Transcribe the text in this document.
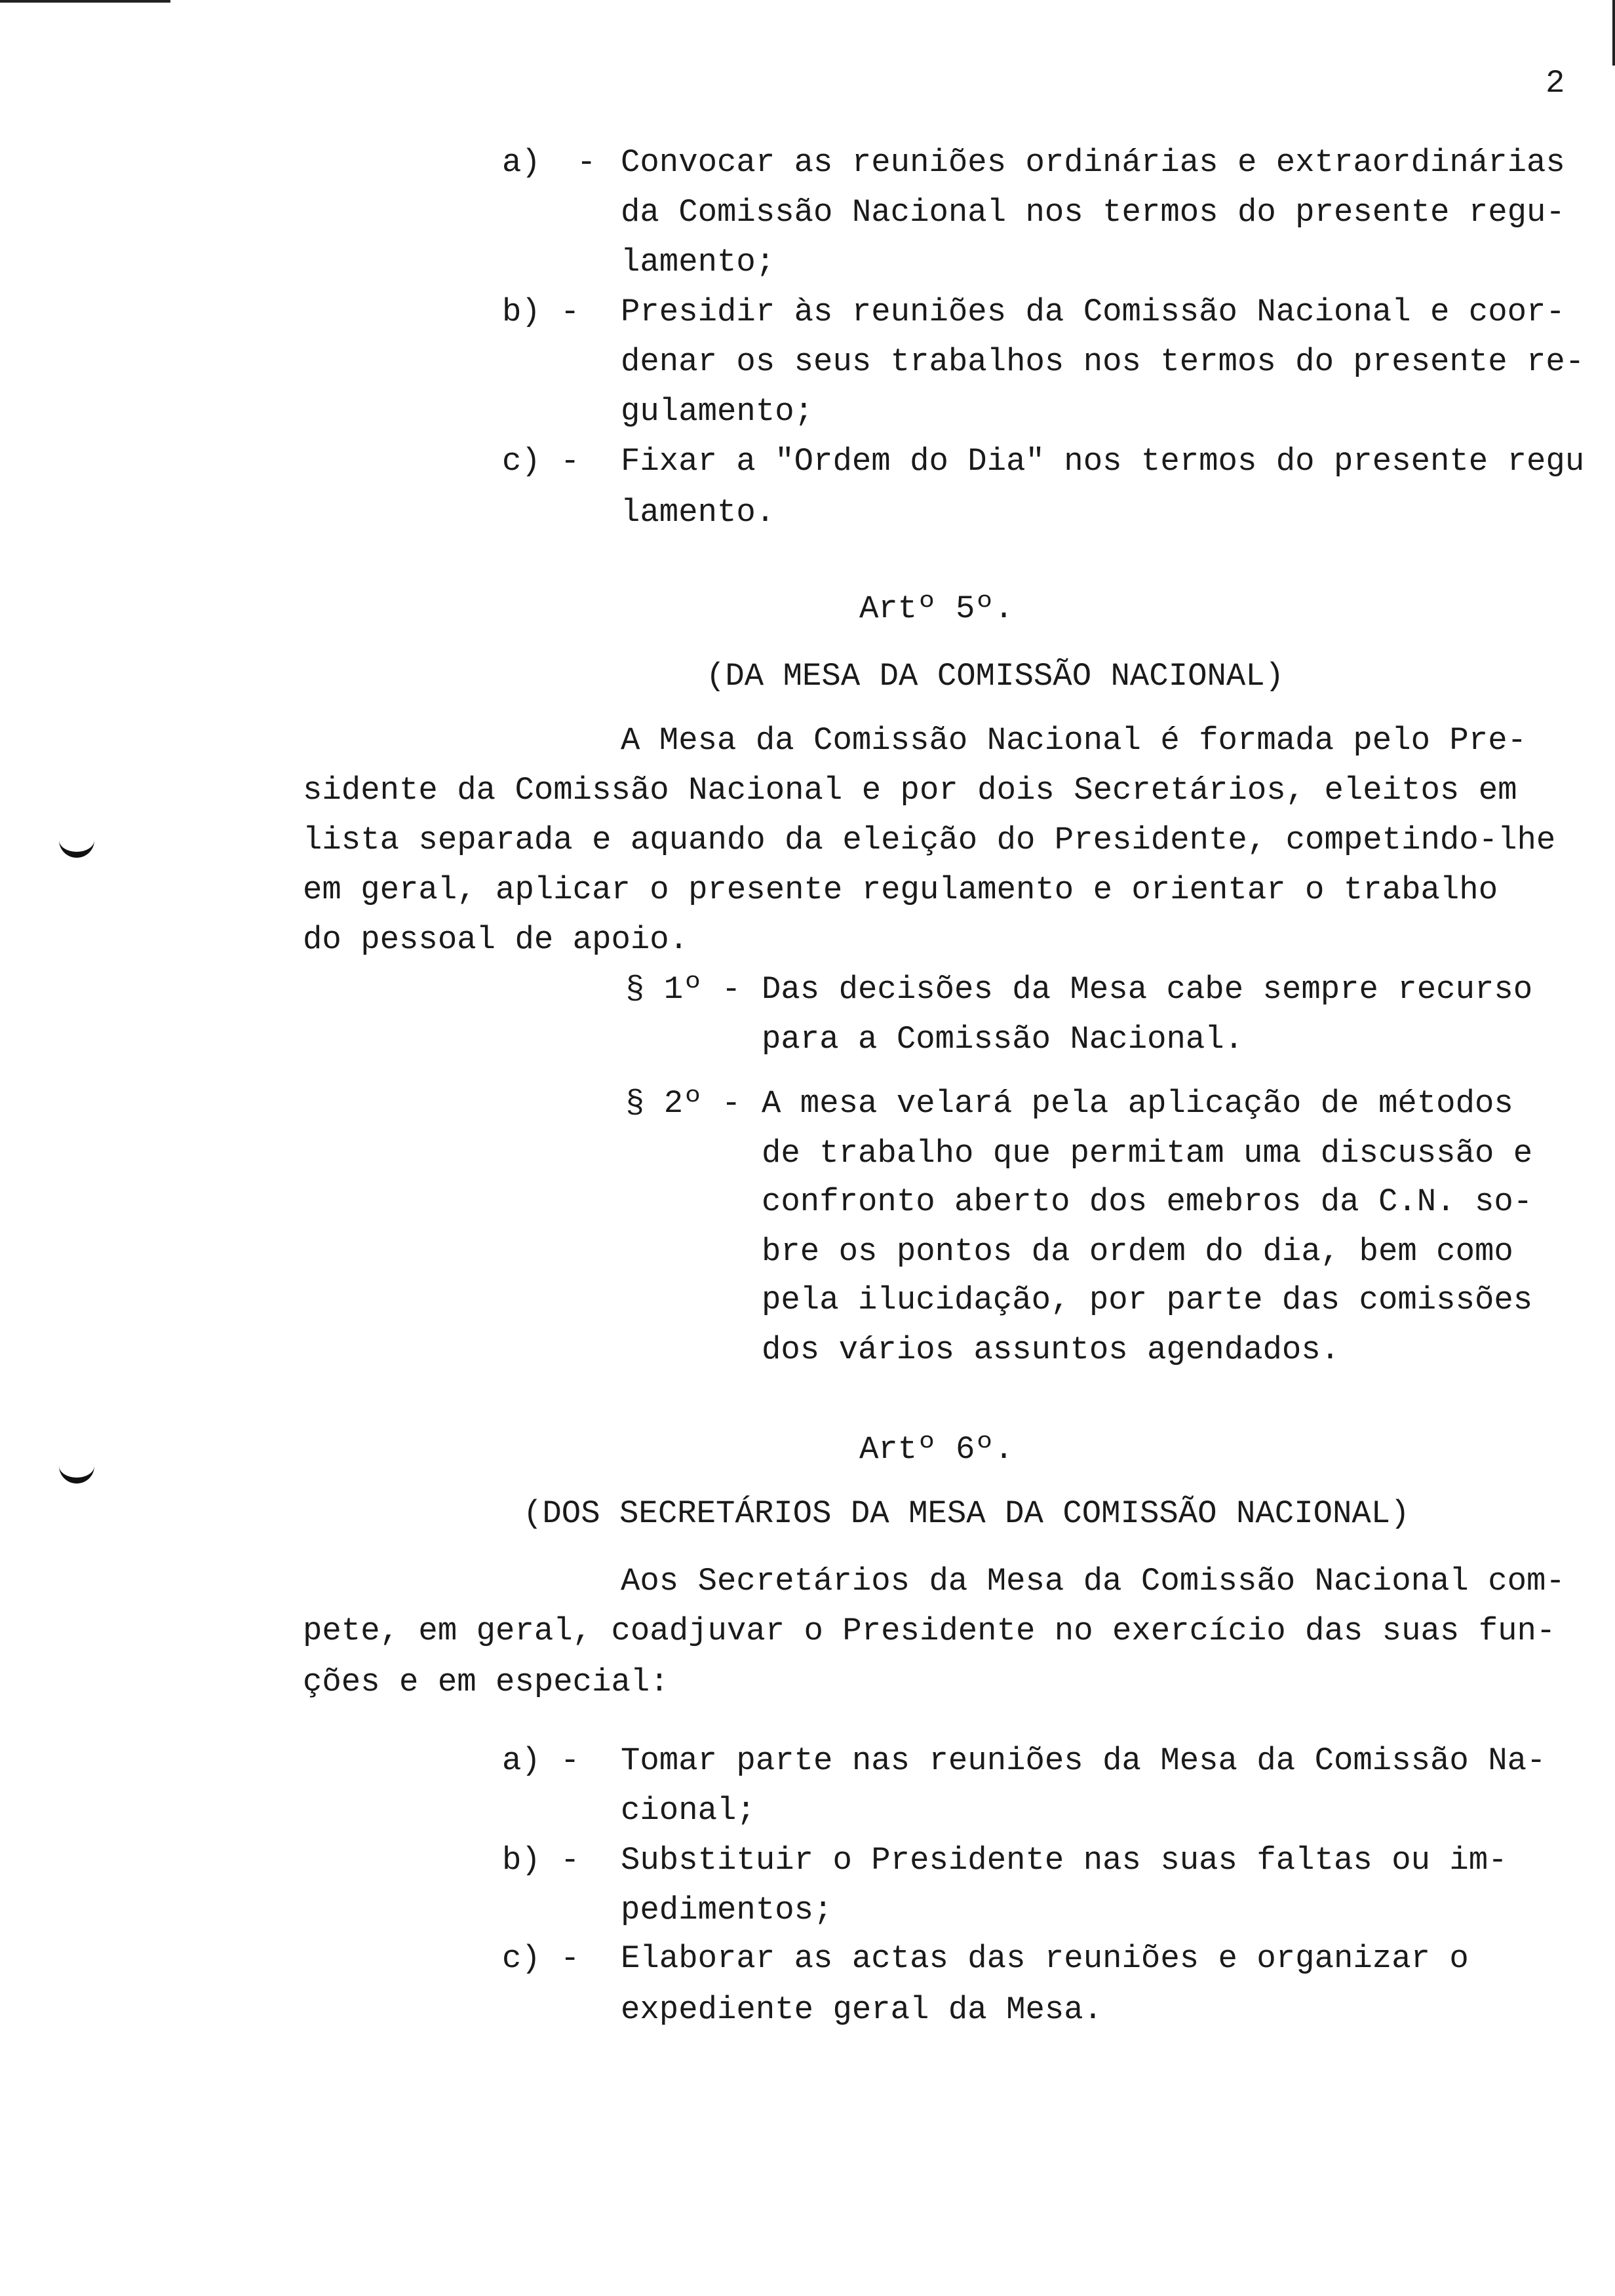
2
a) - Convocar as reuniões ordinárias e extraordinárias
da Comissão Nacional nos termos do presente regu-
lamento;
b) - Presidir às reuniões da Comissão Nacional e coor-
denar os seus trabalhos nos termos do presente re-
gulamento;
c) - Fixar a "Ordem do Dia" nos termos do presente regu
lamento.
Artº 5º.
(DA MESA DA COMISSÃO NACIONAL)
A Mesa da Comissão Nacional é formada pelo Pre-
sidente da Comissão Nacional e por dois Secretários, eleitos em
lista separada e aquando da eleição do Presidente, competindo-lhe
em geral, aplicar o presente regulamento e orientar o trabalho
do pessoal de apoio.
§ 1º - Das decisões da Mesa cabe sempre recurso
para a Comissão Nacional.
§ 2º - A mesa velará pela aplicação de métodos
de trabalho que permitam uma discussão e
confronto aberto dos emebros da C.N. so-
bre os pontos da ordem do dia, bem como
pela ilucidação, por parte das comissões
dos vários assuntos agendados.
Artº 6º.
(DOS SECRETÁRIOS DA MESA DA COMISSÃO NACIONAL)
Aos Secretários da Mesa da Comissão Nacional com-
pete, em geral, coadjuvar o Presidente no exercício das suas fun-
ções e em especial:
a) - Tomar parte nas reuniões da Mesa da Comissão Na-
cional;
b) - Substituir o Presidente nas suas faltas ou im-
pedimentos;
c) - Elaborar as actas das reuniões e organizar o
expediente geral da Mesa.
